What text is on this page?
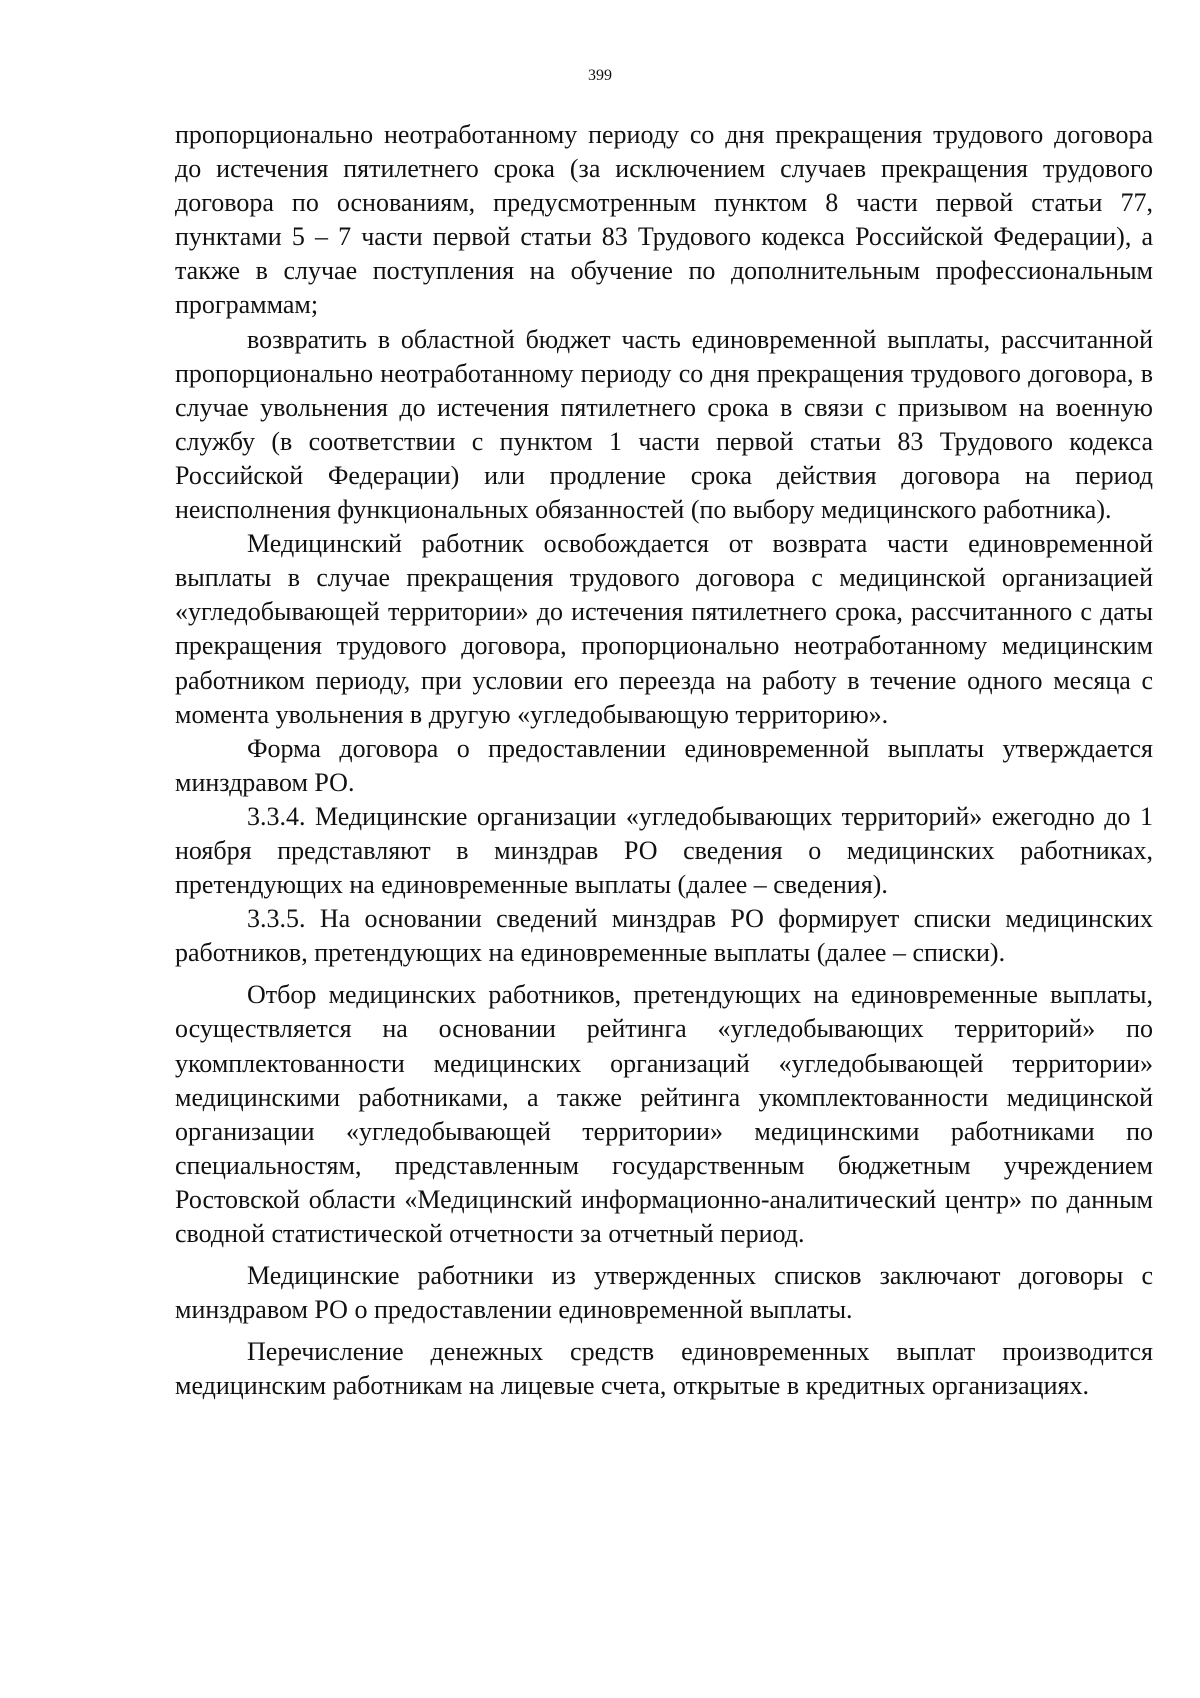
399

пропорционально неотработанному периоду со дня прекращения трудового договора до истечения пятилетнего срока (за исключением случаев прекращения трудового договора по основаниям, предусмотренным пунктом 8 части первой статьи 77, пунктами 5 – 7 части первой статьи 83 Трудового кодекса Российской Федерации), а также в случае поступления на обучение по дополнительным профессиональным программам;

возвратить в областной бюджет часть единовременной выплаты, рассчитанной пропорционально неотработанному периоду со дня прекращения трудового договора, в случае увольнения до истечения пятилетнего срока в связи с призывом на военную службу (в соответствии с пунктом 1 части первой статьи 83 Трудового кодекса Российской Федерации) или продление срока действия договора на период неисполнения функциональных обязанностей (по выбору медицинского работника).

Медицинский работник освобождается от возврата части единовременной выплаты в случае прекращения трудового договора с медицинской организацией «угледобывающей территории» до истечения пятилетнего срока, рассчитанного с даты прекращения трудового договора, пропорционально неотработанному медицинским работником периоду, при условии его переезда на работу в течение одного месяца с момента увольнения в другую «угледобывающую территорию».

Форма договора о предоставлении единовременной выплаты утверждается минздравом РО.

3.3.4. Медицинские организации «угледобывающих территорий» ежегодно до 1 ноября представляют в минздрав РО сведения о медицинских работниках, претендующих на единовременные выплаты (далее – сведения).

3.3.5. На основании сведений минздрав РО формирует списки медицинских работников, претендующих на единовременные выплаты (далее – списки).

Отбор медицинских работников, претендующих на единовременные выплаты, осуществляется на основании рейтинга «угледобывающих территорий» по укомплектованности медицинских организаций «угледобывающей территории» медицинскими работниками, а также рейтинга укомплектованности медицинской организации «угледобывающей территории» медицинскими работниками по специальностям, представленным государственным бюджетным учреждением Ростовской области «Медицинский информационно-аналитический центр» по данным сводной статистической отчетности за отчетный период.

Медицинские работники из утвержденных списков заключают договоры с минздравом РО о предоставлении единовременной выплаты.

Перечисление денежных средств единовременных выплат производится медицинским работникам на лицевые счета, открытые в кредитных организациях.
